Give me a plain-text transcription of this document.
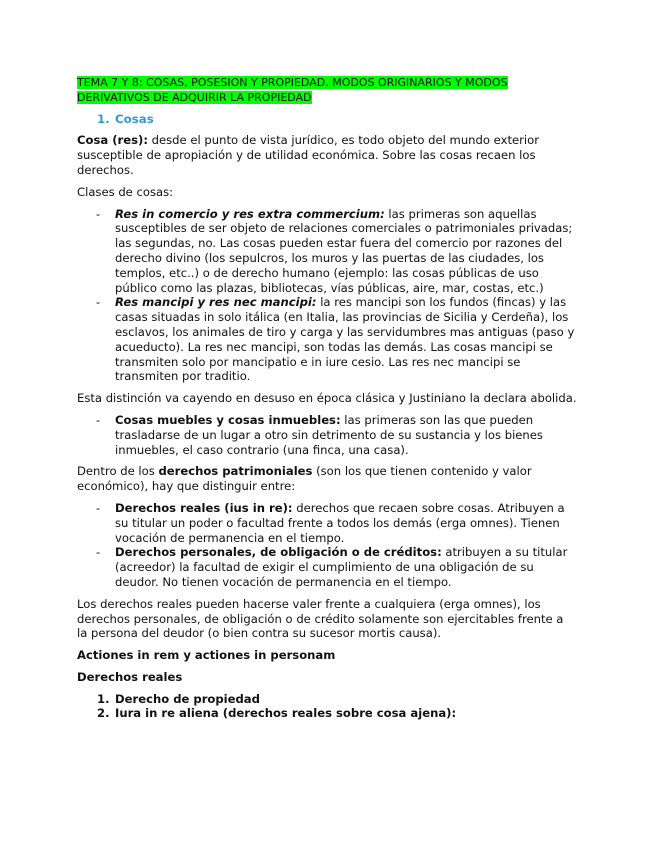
TEMA 7 Y 8: COSAS, POSESION Y PROPIEDAD. MODOS ORIGINARIOS Y MODOS DERIVATIVOS DE ADQUIRIR LA PROPIEDAD
1. Cosas

Cosa (res): desde el punto de vista jurídico, es todo objeto del mundo exterior susceptible de apropiación y de utilidad económica. Sobre las cosas recaen los derechos.

Clases de cosas:

- Res in comercio y res extra commercium: las primeras son aquellas susceptibles de ser objeto de relaciones comerciales o patrimoniales privadas; las segundas, no. Las cosas pueden estar fuera del comercio por razones del derecho divino (los sepulcros, los muros y las puertas de las ciudades, los templos, etc..) o de derecho humano (ejemplo: las cosas públicas de uso público como las plazas, bibliotecas, vías públicas, aire, mar, costas, etc.)
- Res mancipi y res nec mancipi: la res mancipi son los fundos (fincas) y las casas situadas in solo itálica (en Italia, las provincias de Sicilia y Cerdeña), los esclavos, los animales de tiro y carga y las servidumbres mas antiguas (paso y acueducto). La res nec mancipi, son todas las demás. Las cosas mancipi se transmiten solo por mancipatio e in iure cesio. Las res nec mancipi se transmiten por traditio.

Esta distinción va cayendo en desuso en época clásica y Justiniano la declara abolida.

- Cosas muebles y cosas inmuebles: las primeras son las que pueden trasladarse de un lugar a otro sin detrimento de su sustancia y los bienes inmuebles, el caso contrario (una finca, una casa).

Dentro de los derechos patrimoniales (son los que tienen contenido y valor económico), hay que distinguir entre:

- Derechos reales (ius in re): derechos que recaen sobre cosas. Atribuyen a su titular un poder o facultad frente a todos los demás (erga omnes). Tienen vocación de permanencia en el tiempo.
- Derechos personales, de obligación o de créditos: atribuyen a su titular (acreedor) la facultad de exigir el cumplimiento de una obligación de su deudor. No tienen vocación de permanencia en el tiempo.

Los derechos reales pueden hacerse valer frente a cualquiera (erga omnes), los derechos personales, de obligación o de crédito solamente son ejercitables frente a la persona del deudor (o bien contra su sucesor mortis causa).

Actiones in rem y actiones in personam

Derechos reales

1. Derecho de propiedad
2. Iura in re aliena (derechos reales sobre cosa ajena):
